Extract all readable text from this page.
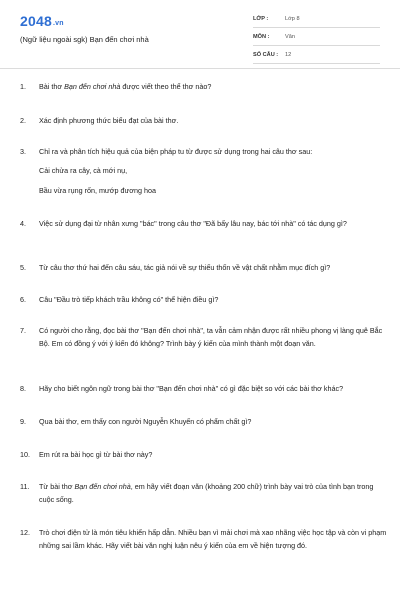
2048.vn
(Ngữ liệu ngoài sgk) Bạn đến chơi nhà
LỚP :	Lớp 8
MÔN :	Văn
SỐ CÂU : 12
1.	Bài thơ Bạn đến chơi nhà được viết theo thể thơ nào?
2.	Xác định phương thức biểu đạt của bài thơ.
3.	Chỉ ra và phân tích hiệu quả của biện pháp tu từ được sử dụng trong hai câu thơ sau:

Cải chửa ra cây, cà mới nụ,

Bầu vừa rụng rốn, mướp đương hoa

4.	Việc sử dụng đại từ nhân xưng "bác" trong câu thơ "Đã bấy lâu nay, bác tới nhà" có tác dụng gì?
5.	Từ câu thơ thứ hai đến câu sáu, tác giả nói về sự thiếu thốn về vật chất nhằm mục đích gì?
6.	Câu "Đầu trò tiếp khách trầu không có" thể hiện điều gì?
7.	Có người cho rằng, đọc bài thơ "Bạn đến chơi nhà", ta vẫn cảm nhận được rất nhiều phong vị làng quê Bắc Bộ. Em có đồng ý với ý kiến đó không? Trình bày ý kiến của mình thành một đoạn văn.
8.	Hãy cho biết ngôn ngữ trong bài thơ "Bạn đến chơi nhà" có gì đặc biệt so với các bài thơ khác?
9.	Qua bài thơ, em thấy con người Nguyễn Khuyến có phẩm chất gì?
10.	Em rút ra bài học gì từ bài thơ này?
11.	Từ bài thơ Bạn đến chơi nhà, em hãy viết đoạn văn (khoảng 200 chữ) trình bày vai trò của tình bạn trong cuộc sống.
12.	Trò chơi điện tử là món tiêu khiển hấp dẫn. Nhiều bạn vì mải chơi mà xao nhãng việc học tập và còn vi phạm những sai lầm khác. Hãy viết bài văn nghị luận nêu ý kiến của em về hiện tượng đó.
